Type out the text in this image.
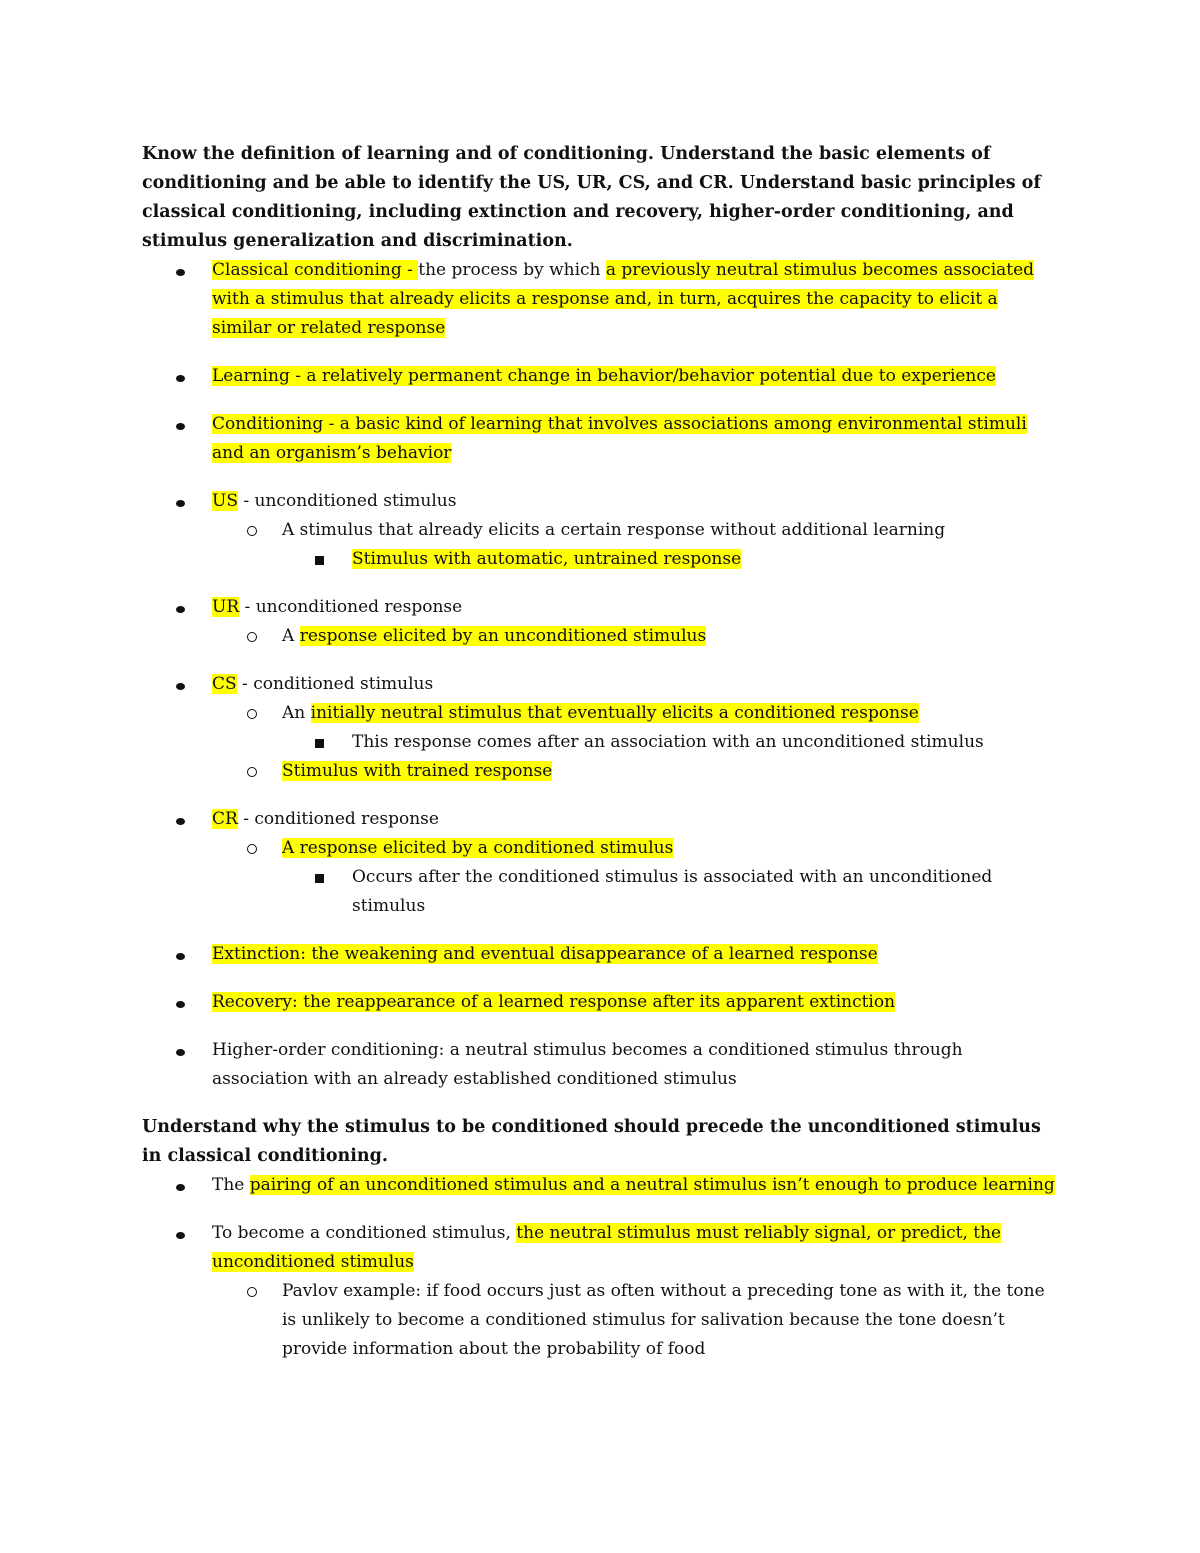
Know the definition of learning and of conditioning. Understand the basic elements of conditioning and be able to identify the US, UR, CS, and CR. Understand basic principles of classical conditioning, including extinction and recovery, higher-order conditioning, and stimulus generalization and discrimination.

Classical conditioning - the process by which a previously neutral stimulus becomes associated with a stimulus that already elicits a response and, in turn, acquires the capacity to elicit a similar or related response
Learning - a relatively permanent change in behavior/behavior potential due to experience
Conditioning - a basic kind of learning that involves associations among environmental stimuli and an organism’s behavior
US - unconditioned stimulus
A stimulus that already elicits a certain response without additional learning
Stimulus with automatic, untrained response
UR - unconditioned response
A response elicited by an unconditioned stimulus
CS - conditioned stimulus
An initially neutral stimulus that eventually elicits a conditioned response
This response comes after an association with an unconditioned stimulus
Stimulus with trained response
CR - conditioned response
A response elicited by a conditioned stimulus
Occurs after the conditioned stimulus is associated with an unconditioned stimulus
Extinction: the weakening and eventual disappearance of a learned response
Recovery: the reappearance of a learned response after its apparent extinction
Higher-order conditioning: a neutral stimulus becomes a conditioned stimulus through association with an already established conditioned stimulus

Understand why the stimulus to be conditioned should precede the unconditioned stimulus in classical conditioning.

The pairing of an unconditioned stimulus and a neutral stimulus isn’t enough to produce learning
To become a conditioned stimulus, the neutral stimulus must reliably signal, or predict, the unconditioned stimulus
Pavlov example: if food occurs just as often without a preceding tone as with it, the tone is unlikely to become a conditioned stimulus for salivation because the tone doesn’t provide information about the probability of food
